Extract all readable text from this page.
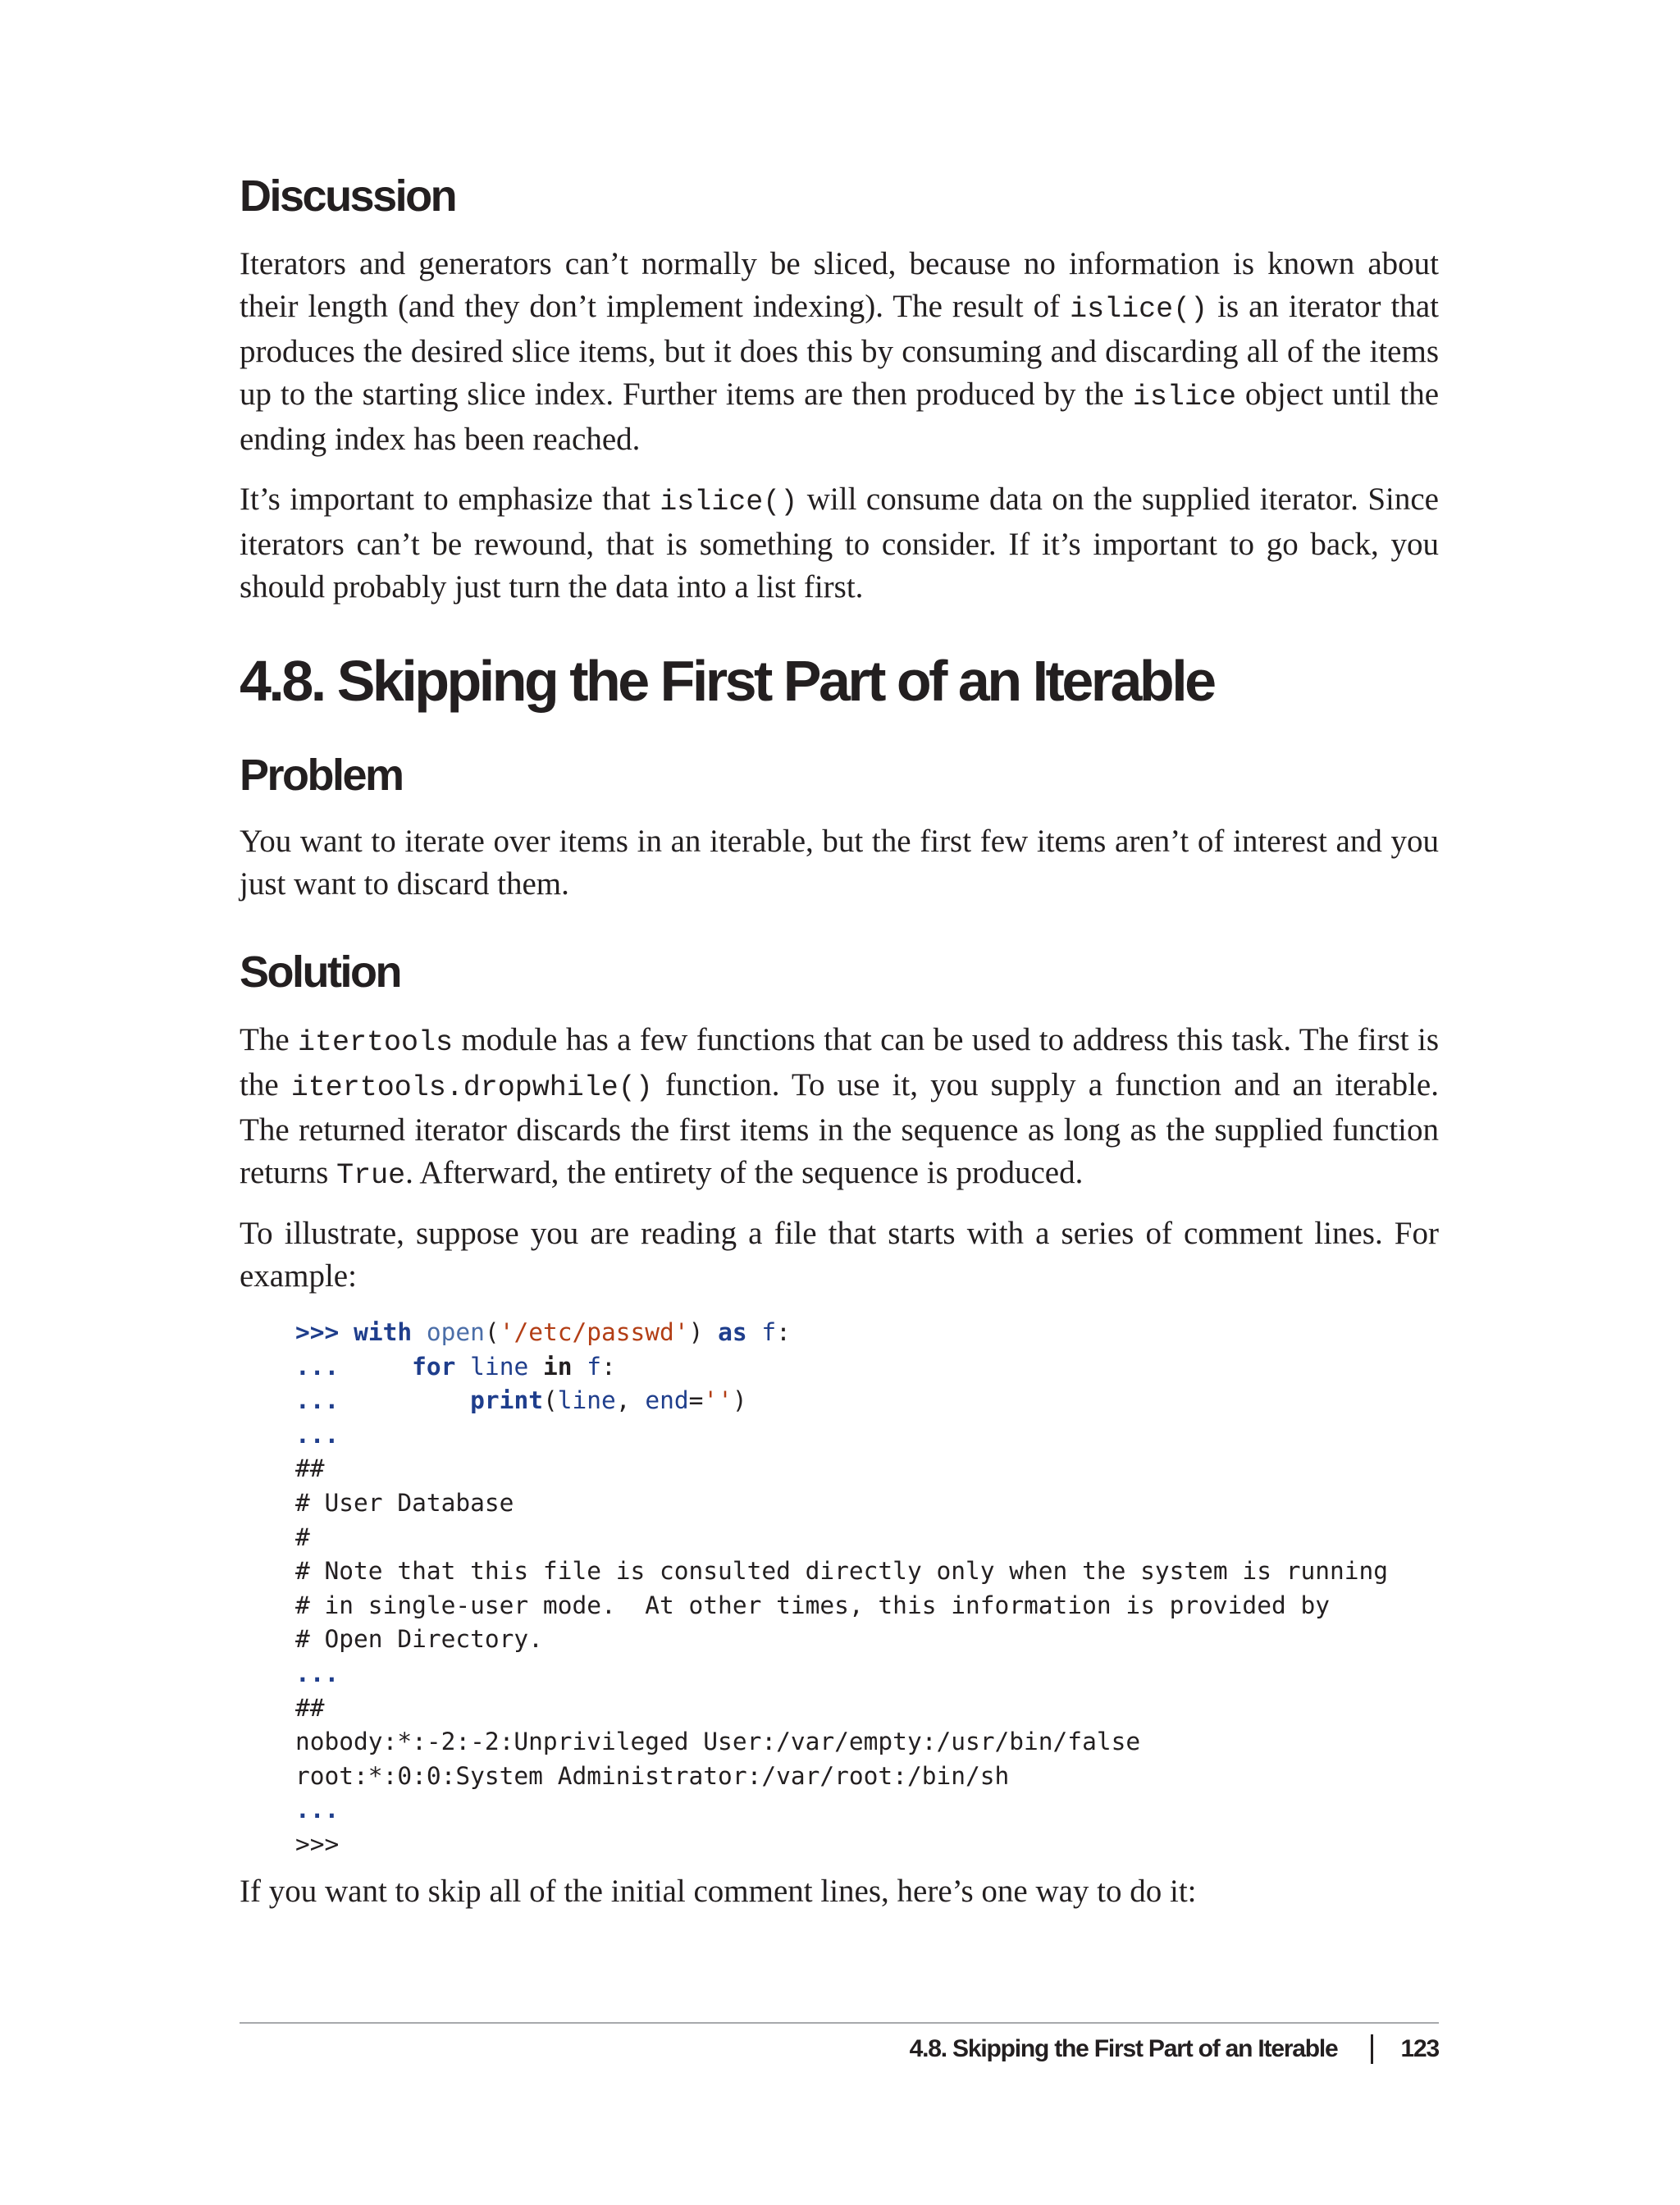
Discussion

Iterators and generators can’t normally be sliced, because no information is known about their length (and they don’t implement indexing). The result of islice() is an iterator that produces the desired slice items, but it does this by consuming and discarding all of the items up to the starting slice index. Further items are then produced by the islice object until the ending index has been reached.

It’s important to emphasize that islice() will consume data on the supplied iterator. Since iterators can’t be rewound, that is something to consider. If it’s important to go back, you should probably just turn the data into a list first.

4.8. Skipping the First Part of an Iterable
Problem

You want to iterate over items in an iterable, but the first few items aren’t of interest and you just want to discard them.

Solution

The itertools module has a few functions that can be used to address this task. The first is the itertools.dropwhile() function. To use it, you supply a function and an iterable. The returned iterator discards the first items in the sequence as long as the supplied function returns True. Afterward, the entirety of the sequence is produced.

To illustrate, suppose you are reading a file that starts with a series of comment lines. For example:

>>> with open('/etc/passwd') as f:
...	for line in f:
...	print(line, end='')
...
##
# User Database
#
# Note that this file is consulted directly only when the system is running
# in single-user mode.  At other times, this information is provided by
# Open Directory.
...
##
nobody:*:-2:-2:Unprivileged User:/var/empty:/usr/bin/false
root:*:0:0:System Administrator:/var/root:/bin/sh
...
>>>

If you want to skip all of the initial comment lines, here’s one way to do it:

4.8. Skipping the First Part of an Iterable	123
